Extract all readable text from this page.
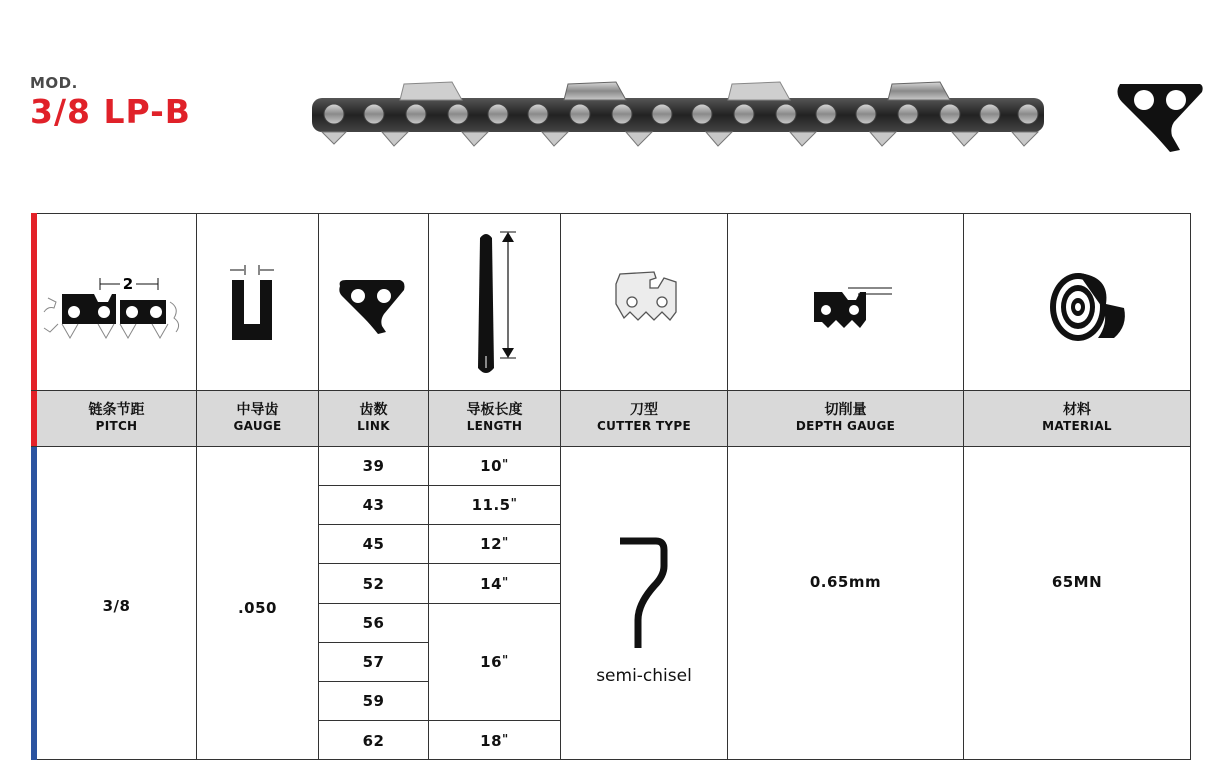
MOD.
3/8 LP-B
2
链条节距
PITCH
中导齿
GAUGE
齿数
LINK
导板长度
LENGTH
刀型
CUTTER TYPE
切削量
DEPTH GAUGE
材料
MATERIAL
3/8	.050
39
43
45
52
56
57
59
62
10"
11.5"
12"
14"
16"
18"
semi-chisel
0.65mm	65MN
